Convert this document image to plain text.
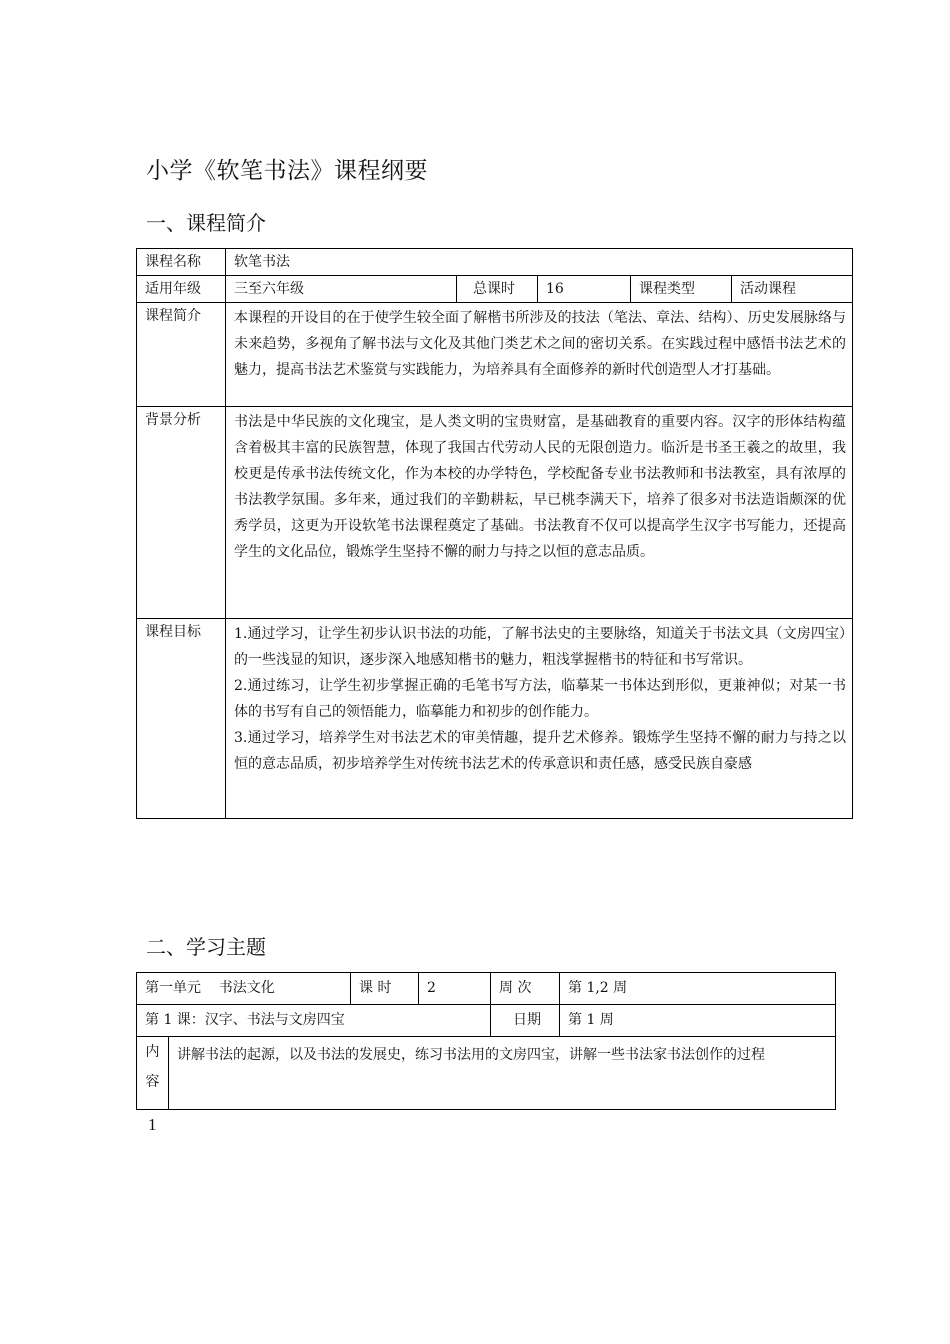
小学《软笔书法》课程纲要
一、课程简介
课程名称	软笔书法				
适用年级	三至六年级	总课时	16	课程类型	活动课程
课程简介	本课程的开设目的在于使学生较全面了解楷书所涉及的技法（笔法、章法、结构）、历史发展脉络与未来趋势，多视角了解书法与文化及其他门类艺术之间的密切关系。在实践过程中感悟书法艺术的魅力，提高书法艺术鉴赏与实践能力，为培养具有全面修养的新时代创造型人才打基础。				
背景分析	书法是中华民族的文化瑰宝，是人类文明的宝贵财富，是基础教育的重要内容。汉字的形体结构蕴含着极其丰富的民族智慧，体现了我国古代劳动人民的无限创造力。临沂是书圣王羲之的故里，我校更是传承书法传统文化，作为本校的办学特色，学校配备专业书法教师和书法教室，具有浓厚的书法教学氛围。多年来，通过我们的辛勤耕耘，早已桃李满天下，培养了很多对书法造诣颇深的优秀学员，这更为开设软笔书法课程奠定了基础。书法教育不仅可以提高学生汉字书写能力，还提高学生的文化品位，锻炼学生坚持不懈的耐力与持之以恒的意志品质。				
课程目标	1.通过学习，让学生初步认识书法的功能，了解书法史的主要脉络，知道关于书法文具（文房四宝）的一些浅显的知识，逐步深入地感知楷书的魅力，粗浅掌握楷书的特征和书写常识。

2.通过练习，让学生初步掌握正确的毛笔书写方法，临摹某一书体达到形似，更兼神似；对某一书体的书写有自己的领悟能力，临摹能力和初步的创作能力。

3.通过学习，培养学生对书法艺术的审美情趣，提升艺术修养。锻炼学生坚持不懈的耐力与持之以恒的意志品质，初步培养学生对传统书法艺术的传承意识和责任感，感受民族自豪感				

二、学习主题
第一单元    书法文化		课 时	2	周 次	第 1,2 周
第 1 课：汉字、书法与文房四宝				日期	第 1 周

内
容	讲解书法的起源，以及书法的发展史，练习书法用的文房四宝，讲解一些书法家书法创作的过程				
1
